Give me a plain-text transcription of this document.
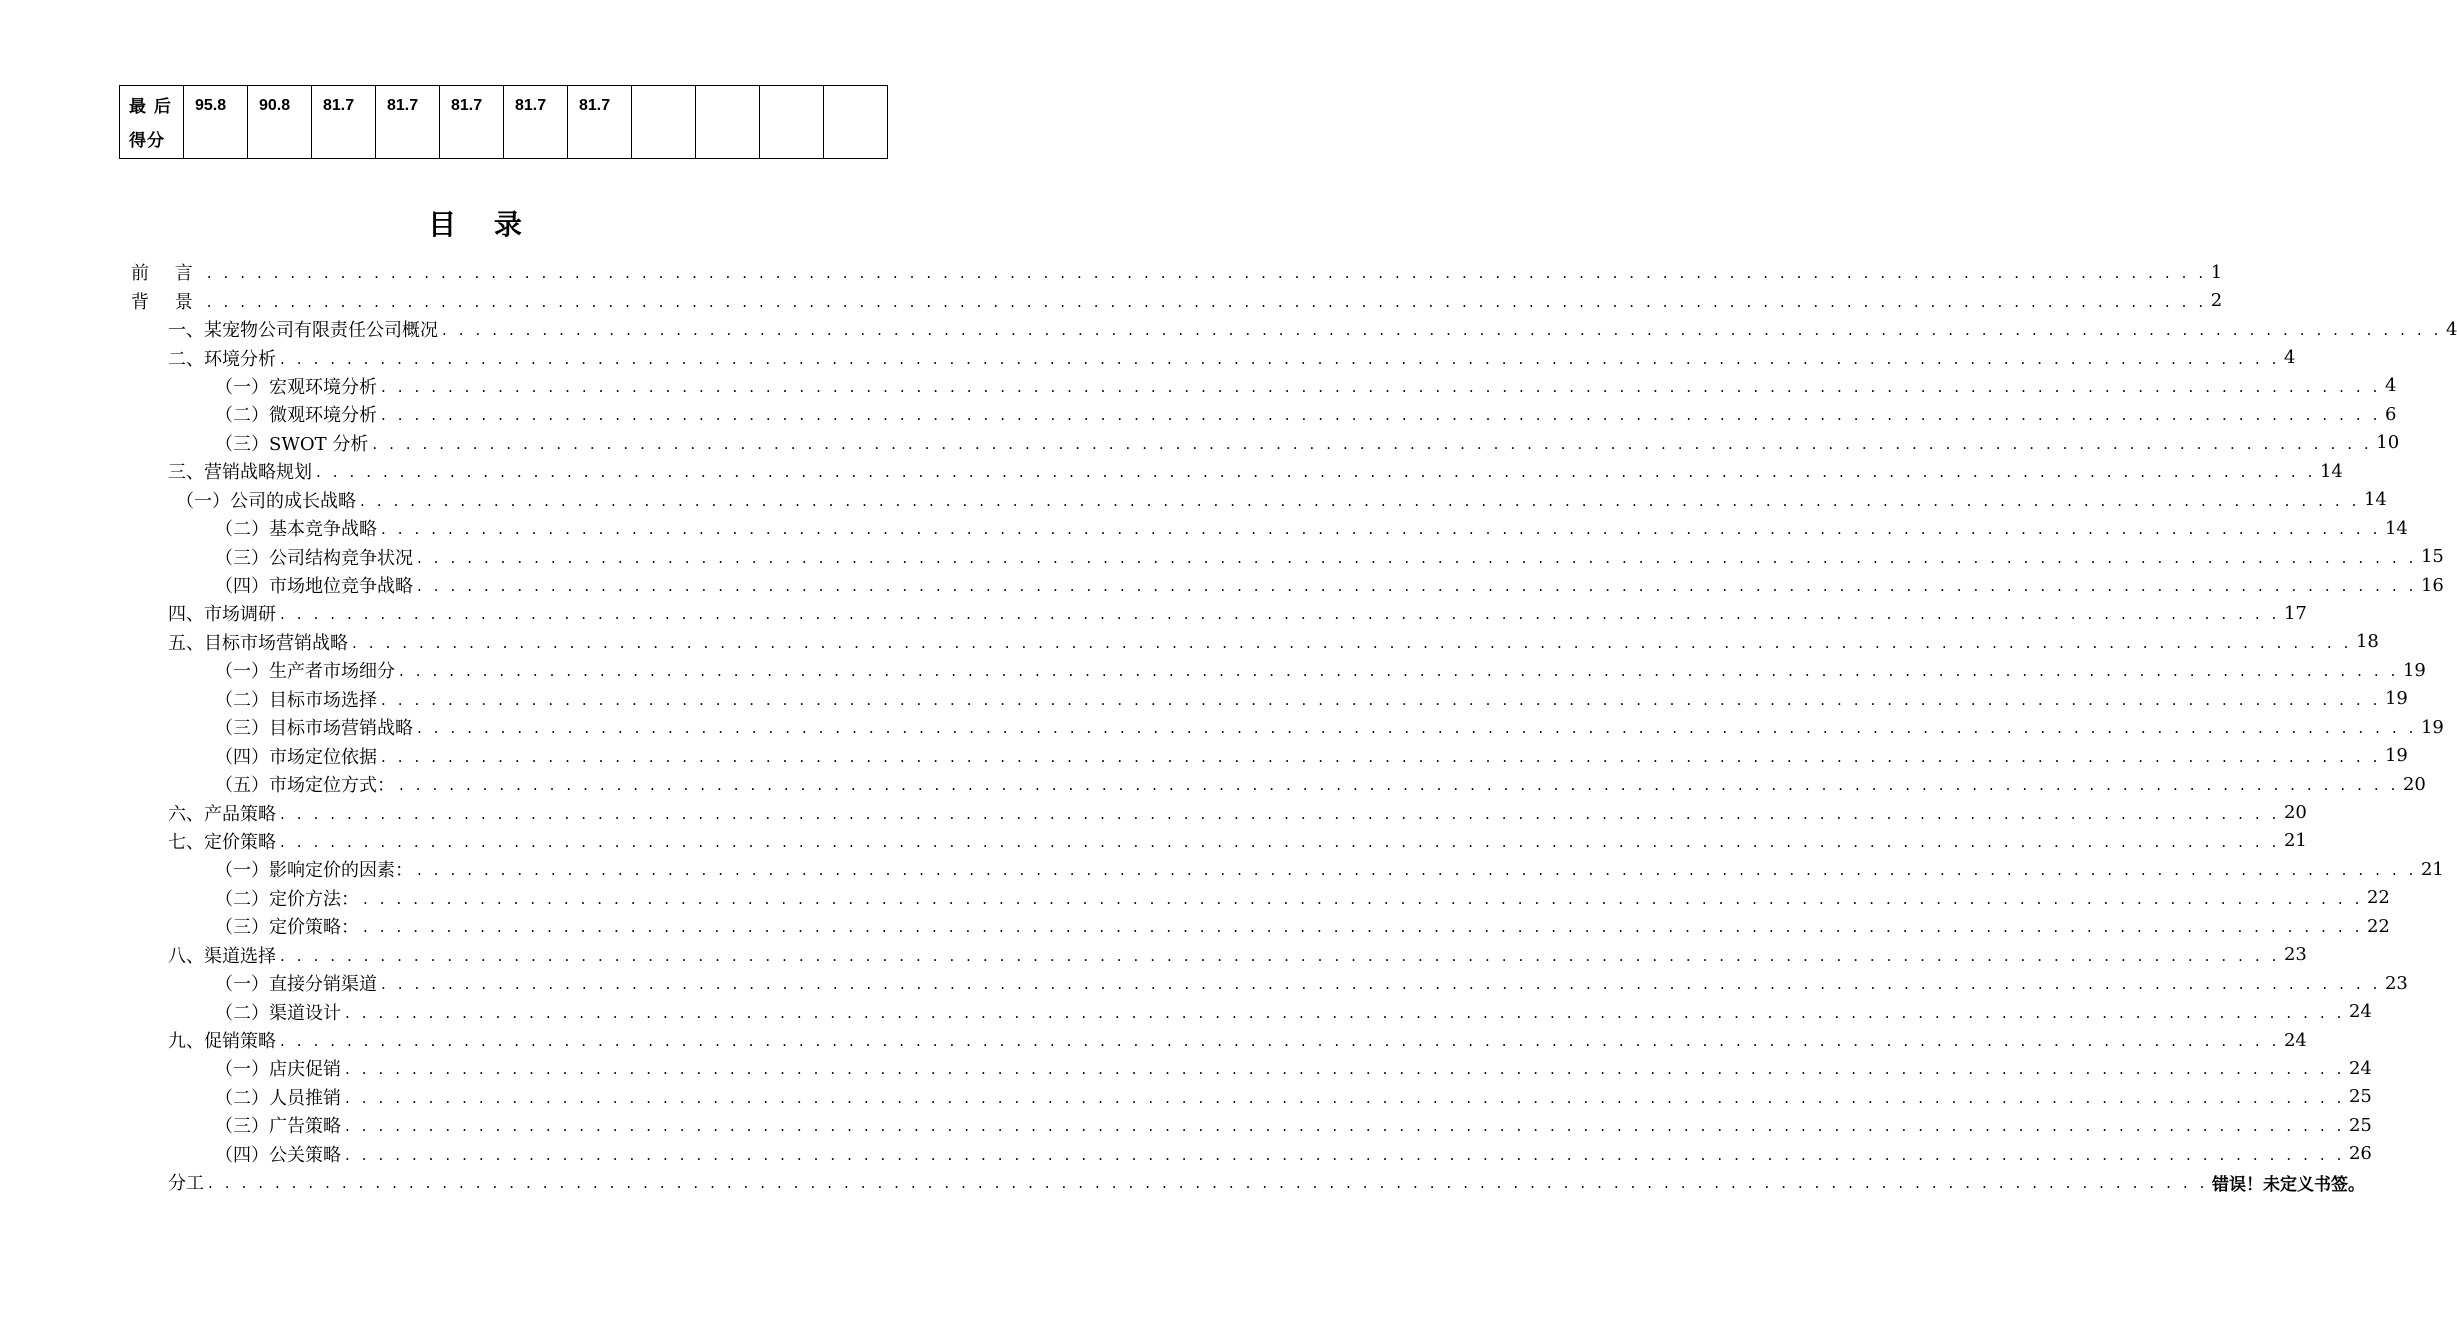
最 后
得分
	95.8	90.8	81.7	81.7	81.7	81.7	81.7				
目 录
前 言 . . . . . . . . . . . . . . . . . . . . . . . . . . . . . . . . . . . . . . . . . . . . . . . . . . . . . . . . . . . . . . . . . . . . . . . . . . . . . . . . . . . . . . . . . . . . . . . . . . . . . . . . . . . . . . . . . . . . . . . . 1
背 景 . . . . . . . . . . . . . . . . . . . . . . . . . . . . . . . . . . . . . . . . . . . . . . . . . . . . . . . . . . . . . . . . . . . . . . . . . . . . . . . . . . . . . . . . . . . . . . . . . . . . . . . . . . . . . . . . . . . . . . . . 2
一、某宠物公司有限责任公司概况 . . . . . . . . . . . . . . . . . . . . . . . . . . . . . . . . . . . . . . . . . . . . . . . . . . . . . . . . . . . . . . . . . . . . . . . . . . . . . . . . . . . . . . . . . . . . . . . . . . . . . . . . . . . . . . . . . . . . . . . . 4
二、环境分析 . . . . . . . . . . . . . . . . . . . . . . . . . . . . . . . . . . . . . . . . . . . . . . . . . . . . . . . . . . . . . . . . . . . . . . . . . . . . . . . . . . . . . . . . . . . . . . . . . . . . . . . . . . . . . . . . . . . . . . . . 4
（一）宏观环境分析 . . . . . . . . . . . . . . . . . . . . . . . . . . . . . . . . . . . . . . . . . . . . . . . . . . . . . . . . . . . . . . . . . . . . . . . . . . . . . . . . . . . . . . . . . . . . . . . . . . . . . . . . . . . . . . . . . . . . . . . . 4
（二）微观环境分析 . . . . . . . . . . . . . . . . . . . . . . . . . . . . . . . . . . . . . . . . . . . . . . . . . . . . . . . . . . . . . . . . . . . . . . . . . . . . . . . . . . . . . . . . . . . . . . . . . . . . . . . . . . . . . . . . . . . . . . . . 6
（三）SWOT 分析 . . . . . . . . . . . . . . . . . . . . . . . . . . . . . . . . . . . . . . . . . . . . . . . . . . . . . . . . . . . . . . . . . . . . . . . . . . . . . . . . . . . . . . . . . . . . . . . . . . . . . . . . . . . . . . . . . . . . . . . . 10
三、营销战略规划 . . . . . . . . . . . . . . . . . . . . . . . . . . . . . . . . . . . . . . . . . . . . . . . . . . . . . . . . . . . . . . . . . . . . . . . . . . . . . . . . . . . . . . . . . . . . . . . . . . . . . . . . . . . . . . . . . . . . . . . . 14
（一）公司的成长战略 . . . . . . . . . . . . . . . . . . . . . . . . . . . . . . . . . . . . . . . . . . . . . . . . . . . . . . . . . . . . . . . . . . . . . . . . . . . . . . . . . . . . . . . . . . . . . . . . . . . . . . . . . . . . . . . . . . . . . . . . 14
（二）基本竞争战略 . . . . . . . . . . . . . . . . . . . . . . . . . . . . . . . . . . . . . . . . . . . . . . . . . . . . . . . . . . . . . . . . . . . . . . . . . . . . . . . . . . . . . . . . . . . . . . . . . . . . . . . . . . . . . . . . . . . . . . . . 14
（三）公司结构竞争状况 . . . . . . . . . . . . . . . . . . . . . . . . . . . . . . . . . . . . . . . . . . . . . . . . . . . . . . . . . . . . . . . . . . . . . . . . . . . . . . . . . . . . . . . . . . . . . . . . . . . . . . . . . . . . . . . . . . . . . . . . 15
（四）市场地位竞争战略 . . . . . . . . . . . . . . . . . . . . . . . . . . . . . . . . . . . . . . . . . . . . . . . . . . . . . . . . . . . . . . . . . . . . . . . . . . . . . . . . . . . . . . . . . . . . . . . . . . . . . . . . . . . . . . . . . . . . . . . . 16
四、市场调研 . . . . . . . . . . . . . . . . . . . . . . . . . . . . . . . . . . . . . . . . . . . . . . . . . . . . . . . . . . . . . . . . . . . . . . . . . . . . . . . . . . . . . . . . . . . . . . . . . . . . . . . . . . . . . . . . . . . . . . . . 17
五、目标市场营销战略 . . . . . . . . . . . . . . . . . . . . . . . . . . . . . . . . . . . . . . . . . . . . . . . . . . . . . . . . . . . . . . . . . . . . . . . . . . . . . . . . . . . . . . . . . . . . . . . . . . . . . . . . . . . . . . . . . . . . . . . . 18
（一）生产者市场细分 . . . . . . . . . . . . . . . . . . . . . . . . . . . . . . . . . . . . . . . . . . . . . . . . . . . . . . . . . . . . . . . . . . . . . . . . . . . . . . . . . . . . . . . . . . . . . . . . . . . . . . . . . . . . . . . . . . . . . . . . 19
（二）目标市场选择 . . . . . . . . . . . . . . . . . . . . . . . . . . . . . . . . . . . . . . . . . . . . . . . . . . . . . . . . . . . . . . . . . . . . . . . . . . . . . . . . . . . . . . . . . . . . . . . . . . . . . . . . . . . . . . . . . . . . . . . . 19
（三）目标市场营销战略 . . . . . . . . . . . . . . . . . . . . . . . . . . . . . . . . . . . . . . . . . . . . . . . . . . . . . . . . . . . . . . . . . . . . . . . . . . . . . . . . . . . . . . . . . . . . . . . . . . . . . . . . . . . . . . . . . . . . . . . . 19
（四）市场定位依据 . . . . . . . . . . . . . . . . . . . . . . . . . . . . . . . . . . . . . . . . . . . . . . . . . . . . . . . . . . . . . . . . . . . . . . . . . . . . . . . . . . . . . . . . . . . . . . . . . . . . . . . . . . . . . . . . . . . . . . . . 19
（五）市场定位方式： . . . . . . . . . . . . . . . . . . . . . . . . . . . . . . . . . . . . . . . . . . . . . . . . . . . . . . . . . . . . . . . . . . . . . . . . . . . . . . . . . . . . . . . . . . . . . . . . . . . . . . . . . . . . . . . . . . . . . . . . 20
六、产品策略 . . . . . . . . . . . . . . . . . . . . . . . . . . . . . . . . . . . . . . . . . . . . . . . . . . . . . . . . . . . . . . . . . . . . . . . . . . . . . . . . . . . . . . . . . . . . . . . . . . . . . . . . . . . . . . . . . . . . . . . . 20
七、定价策略 . . . . . . . . . . . . . . . . . . . . . . . . . . . . . . . . . . . . . . . . . . . . . . . . . . . . . . . . . . . . . . . . . . . . . . . . . . . . . . . . . . . . . . . . . . . . . . . . . . . . . . . . . . . . . . . . . . . . . . . . 21
（一）影响定价的因素： . . . . . . . . . . . . . . . . . . . . . . . . . . . . . . . . . . . . . . . . . . . . . . . . . . . . . . . . . . . . . . . . . . . . . . . . . . . . . . . . . . . . . . . . . . . . . . . . . . . . . . . . . . . . . . . . . . . . . . . . 21
（二）定价方法： . . . . . . . . . . . . . . . . . . . . . . . . . . . . . . . . . . . . . . . . . . . . . . . . . . . . . . . . . . . . . . . . . . . . . . . . . . . . . . . . . . . . . . . . . . . . . . . . . . . . . . . . . . . . . . . . . . . . . . . . 22
（三）定价策略： . . . . . . . . . . . . . . . . . . . . . . . . . . . . . . . . . . . . . . . . . . . . . . . . . . . . . . . . . . . . . . . . . . . . . . . . . . . . . . . . . . . . . . . . . . . . . . . . . . . . . . . . . . . . . . . . . . . . . . . . 22
八、渠道选择 . . . . . . . . . . . . . . . . . . . . . . . . . . . . . . . . . . . . . . . . . . . . . . . . . . . . . . . . . . . . . . . . . . . . . . . . . . . . . . . . . . . . . . . . . . . . . . . . . . . . . . . . . . . . . . . . . . . . . . . . 23
（一）直接分销渠道 . . . . . . . . . . . . . . . . . . . . . . . . . . . . . . . . . . . . . . . . . . . . . . . . . . . . . . . . . . . . . . . . . . . . . . . . . . . . . . . . . . . . . . . . . . . . . . . . . . . . . . . . . . . . . . . . . . . . . . . . 23
（二）渠道设计 . . . . . . . . . . . . . . . . . . . . . . . . . . . . . . . . . . . . . . . . . . . . . . . . . . . . . . . . . . . . . . . . . . . . . . . . . . . . . . . . . . . . . . . . . . . . . . . . . . . . . . . . . . . . . . . . . . . . . . . . 24
九、促销策略 . . . . . . . . . . . . . . . . . . . . . . . . . . . . . . . . . . . . . . . . . . . . . . . . . . . . . . . . . . . . . . . . . . . . . . . . . . . . . . . . . . . . . . . . . . . . . . . . . . . . . . . . . . . . . . . . . . . . . . . . 24
（一）店庆促销 . . . . . . . . . . . . . . . . . . . . . . . . . . . . . . . . . . . . . . . . . . . . . . . . . . . . . . . . . . . . . . . . . . . . . . . . . . . . . . . . . . . . . . . . . . . . . . . . . . . . . . . . . . . . . . . . . . . . . . . . 24
（二）人员推销 . . . . . . . . . . . . . . . . . . . . . . . . . . . . . . . . . . . . . . . . . . . . . . . . . . . . . . . . . . . . . . . . . . . . . . . . . . . . . . . . . . . . . . . . . . . . . . . . . . . . . . . . . . . . . . . . . . . . . . . . 25
（三）广告策略 . . . . . . . . . . . . . . . . . . . . . . . . . . . . . . . . . . . . . . . . . . . . . . . . . . . . . . . . . . . . . . . . . . . . . . . . . . . . . . . . . . . . . . . . . . . . . . . . . . . . . . . . . . . . . . . . . . . . . . . . 25
（四）公关策略 . . . . . . . . . . . . . . . . . . . . . . . . . . . . . . . . . . . . . . . . . . . . . . . . . . . . . . . . . . . . . . . . . . . . . . . . . . . . . . . . . . . . . . . . . . . . . . . . . . . . . . . . . . . . . . . . . . . . . . . . 26
分工 . . . . . . . . . . . . . . . . . . . . . . . . . . . . . . . . . . . . . . . . . . . . . . . . . . . . . . . . . . . . . . . . . . . . . . . . . . . . . . . . . . . . . . . . . . . . . . . . . . . . . . . . . . . . . . . . . . . . . . . . 错误！未定义书签。
